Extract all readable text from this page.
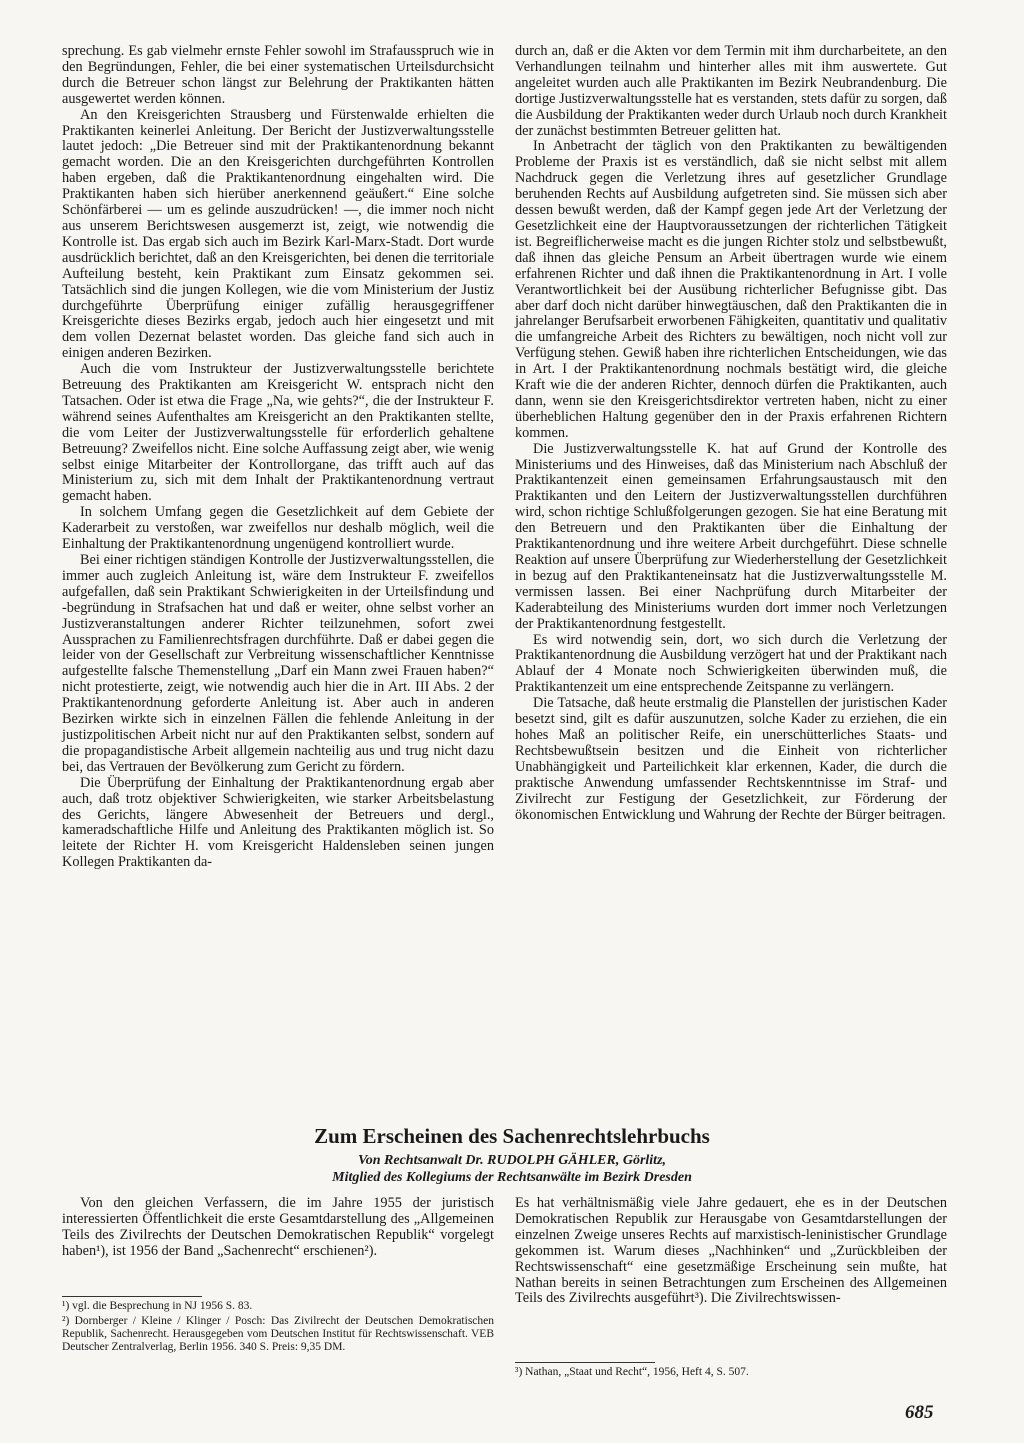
sprechung. Es gab vielmehr ernste Fehler sowohl im Strafausspruch wie in den Begründungen, Fehler, die bei einer systematischen Urteilsdurchsicht durch die Betreuer schon längst zur Belehrung der Praktikanten hätten ausgewertet werden können.

An den Kreisgerichten Strausberg und Fürstenwalde erhielten die Praktikanten keinerlei Anleitung. Der Bericht der Justizverwaltungsstelle lautet jedoch: „Die Betreuer sind mit der Praktikantenordnung bekannt gemacht worden. Die an den Kreisgerichten durchgeführten Kontrollen haben ergeben, daß die Praktikantenordnung eingehalten wird. Die Praktikanten haben sich hierüber anerkennend geäußert.“ Eine solche Schönfärberei — um es gelinde auszudrücken! —, die immer noch nicht aus unserem Berichtswesen ausgemerzt ist, zeigt, wie notwendig die Kontrolle ist. Das ergab sich auch im Bezirk Karl-Marx-Stadt. Dort wurde ausdrücklich berichtet, daß an den Kreisgerichten, bei denen die territoriale Aufteilung besteht, kein Praktikant zum Einsatz gekommen sei. Tatsächlich sind die jungen Kollegen, wie die vom Ministerium der Justiz durchgeführte Überprüfung einiger zufällig herausgegriffener Kreisgerichte dieses Bezirks ergab, jedoch auch hier eingesetzt und mit dem vollen Dezernat belastet worden. Das gleiche fand sich auch in einigen anderen Bezirken.

Auch die vom Instrukteur der Justizverwaltungsstelle berichtete Betreuung des Praktikanten am Kreisgericht W. entsprach nicht den Tatsachen. Oder ist etwa die Frage „Na, wie gehts?“, die der Instrukteur F. während seines Aufenthaltes am Kreisgericht an den Praktikanten stellte, die vom Leiter der Justizverwaltungsstelle für erforderlich gehaltene Betreuung? Zweifellos nicht. Eine solche Auffassung zeigt aber, wie wenig selbst einige Mitarbeiter der Kontrollorgane, das trifft auch auf das Ministerium zu, sich mit dem Inhalt der Praktikantenordnung vertraut gemacht haben.

In solchem Umfang gegen die Gesetzlichkeit auf dem Gebiete der Kaderarbeit zu verstoßen, war zweifellos nur deshalb möglich, weil die Einhaltung der Praktikantenordnung ungenügend kontrolliert wurde.

Bei einer richtigen ständigen Kontrolle der Justizverwaltungsstellen, die immer auch zugleich Anleitung ist, wäre dem Instrukteur F. zweifellos aufgefallen, daß sein Praktikant Schwierigkeiten in der Urteilsfindung und -begründung in Strafsachen hat und daß er weiter, ohne selbst vorher an Justizveranstaltungen anderer Richter teilzunehmen, sofort zwei Aussprachen zu Familienrechtsfragen durchführte. Daß er dabei gegen die leider von der Gesellschaft zur Verbreitung wissenschaftlicher Kenntnisse aufgestellte falsche Themenstellung „Darf ein Mann zwei Frauen haben?“ nicht protestierte, zeigt, wie notwendig auch hier die in Art. III Abs. 2 der Praktikantenordnung geforderte Anleitung ist. Aber auch in anderen Bezirken wirkte sich in einzelnen Fällen die fehlende Anleitung in der justizpolitischen Arbeit nicht nur auf den Praktikanten selbst, sondern auf die propagandistische Arbeit allgemein nachteilig aus und trug nicht dazu bei, das Vertrauen der Bevölkerung zum Gericht zu fördern.

Die Überprüfung der Einhaltung der Praktikantenordnung ergab aber auch, daß trotz objektiver Schwierigkeiten, wie starker Arbeitsbelastung des Gerichts, längere Abwesenheit der Betreuers und dergl., kameradschaftliche Hilfe und Anleitung des Praktikanten möglich ist. So leitete der Richter H. vom Kreisgericht Haldensleben seinen jungen Kollegen Praktikanten da-

durch an, daß er die Akten vor dem Termin mit ihm durcharbeitete, an den Verhandlungen teilnahm und hinterher alles mit ihm auswertete. Gut angeleitet wurden auch alle Praktikanten im Bezirk Neubrandenburg. Die dortige Justizverwaltungsstelle hat es verstanden, stets dafür zu sorgen, daß die Ausbildung der Praktikanten weder durch Urlaub noch durch Krankheit der zunächst bestimmten Betreuer gelitten hat.

In Anbetracht der täglich von den Praktikanten zu bewältigenden Probleme der Praxis ist es verständlich, daß sie nicht selbst mit allem Nachdruck gegen die Verletzung ihres auf gesetzlicher Grundlage beruhenden Rechts auf Ausbildung aufgetreten sind. Sie müssen sich aber dessen bewußt werden, daß der Kampf gegen jede Art der Verletzung der Gesetzlichkeit eine der Hauptvoraussetzungen der richterlichen Tätigkeit ist. Begreiflicherweise macht es die jungen Richter stolz und selbstbewußt, daß ihnen das gleiche Pensum an Arbeit übertragen wurde wie einem erfahrenen Richter und daß ihnen die Praktikantenordnung in Art. I volle Verantwortlichkeit bei der Ausübung richterlicher Befugnisse gibt. Das aber darf doch nicht darüber hinwegtäuschen, daß den Praktikanten die in jahrelanger Berufsarbeit erworbenen Fähigkeiten, quantitativ und qualitativ die umfangreiche Arbeit des Richters zu bewältigen, noch nicht voll zur Verfügung stehen. Gewiß haben ihre richterlichen Entscheidungen, wie das in Art. I der Praktikantenordnung nochmals bestätigt wird, die gleiche Kraft wie die der anderen Richter, dennoch dürfen die Praktikanten, auch dann, wenn sie den Kreisgerichtsdirektor vertreten haben, nicht zu einer überheblichen Haltung gegenüber den in der Praxis erfahrenen Richtern kommen.

Die Justizverwaltungsstelle K. hat auf Grund der Kontrolle des Ministeriums und des Hinweises, daß das Ministerium nach Abschluß der Praktikantenzeit einen gemeinsamen Erfahrungsaustausch mit den Praktikanten und den Leitern der Justizverwaltungsstellen durchführen wird, schon richtige Schlußfolgerungen gezogen. Sie hat eine Beratung mit den Betreuern und den Praktikanten über die Einhaltung der Praktikantenordnung und ihre weitere Arbeit durchgeführt. Diese schnelle Reaktion auf unsere Überprüfung zur Wiederherstellung der Gesetzlichkeit in bezug auf den Praktikanteneinsatz hat die Justizverwaltungsstelle M. vermissen lassen. Bei einer Nachprüfung durch Mitarbeiter der Kaderabteilung des Ministeriums wurden dort immer noch Verletzungen der Praktikantenordnung festgestellt.

Es wird notwendig sein, dort, wo sich durch die Verletzung der Praktikantenordnung die Ausbildung verzögert hat und der Praktikant nach Ablauf der 4 Monate noch Schwierigkeiten überwinden muß, die Praktikantenzeit um eine entsprechende Zeitspanne zu verlängern.

Die Tatsache, daß heute erstmalig die Planstellen der juristischen Kader besetzt sind, gilt es dafür auszunutzen, solche Kader zu erziehen, die ein hohes Maß an politischer Reife, ein unerschütterliches Staats- und Rechtsbewußtsein besitzen und die Einheit von richterlicher Unabhängigkeit und Parteilichkeit klar erkennen, Kader, die durch die praktische Anwendung umfassender Rechtskenntnisse im Straf- und Zivilrecht zur Festigung der Gesetzlichkeit, zur Förderung der ökonomischen Entwicklung und Wahrung der Rechte der Bürger beitragen.

Zum Erscheinen des Sachenrechtslehrbuchs
Von Rechtsanwalt Dr. RUDOLPH GÄHLER, Görlitz,
Mitglied des Kollegiums der Rechtsanwälte im Bezirk Dresden

Von den gleichen Verfassern, die im Jahre 1955 der juristisch interessierten Öffentlichkeit die erste Gesamtdarstellung des „Allgemeinen Teils des Zivilrechts der Deutschen Demokratischen Republik“ vorgelegt haben¹), ist 1956 der Band „Sachenrecht“ erschienen²).

Es hat verhältnismäßig viele Jahre gedauert, ehe es in der Deutschen Demokratischen Republik zur Herausgabe von Gesamtdarstellungen der einzelnen Zweige unseres Rechts auf marxistisch-leninistischer Grundlage gekommen ist. Warum dieses „Nachhinken“ und „Zurückbleiben der Rechtswissenschaft“ eine gesetzmäßige Erscheinung sein mußte, hat Nathan bereits in seinen Betrachtungen zum Erscheinen des Allgemeinen Teils des Zivilrechts ausgeführt³). Die Zivilrechtswissen-

¹) vgl. die Besprechung in NJ 1956 S. 83.

²) Dornberger / Kleine / Klinger / Posch: Das Zivilrecht der Deutschen Demokratischen Republik, Sachenrecht. Herausgegeben vom Deutschen Institut für Rechtswissenschaft. VEB Deutscher Zentralverlag, Berlin 1956. 340 S. Preis: 9,35 DM.

³) Nathan, „Staat und Recht“, 1956, Heft 4, S. 507.

685
